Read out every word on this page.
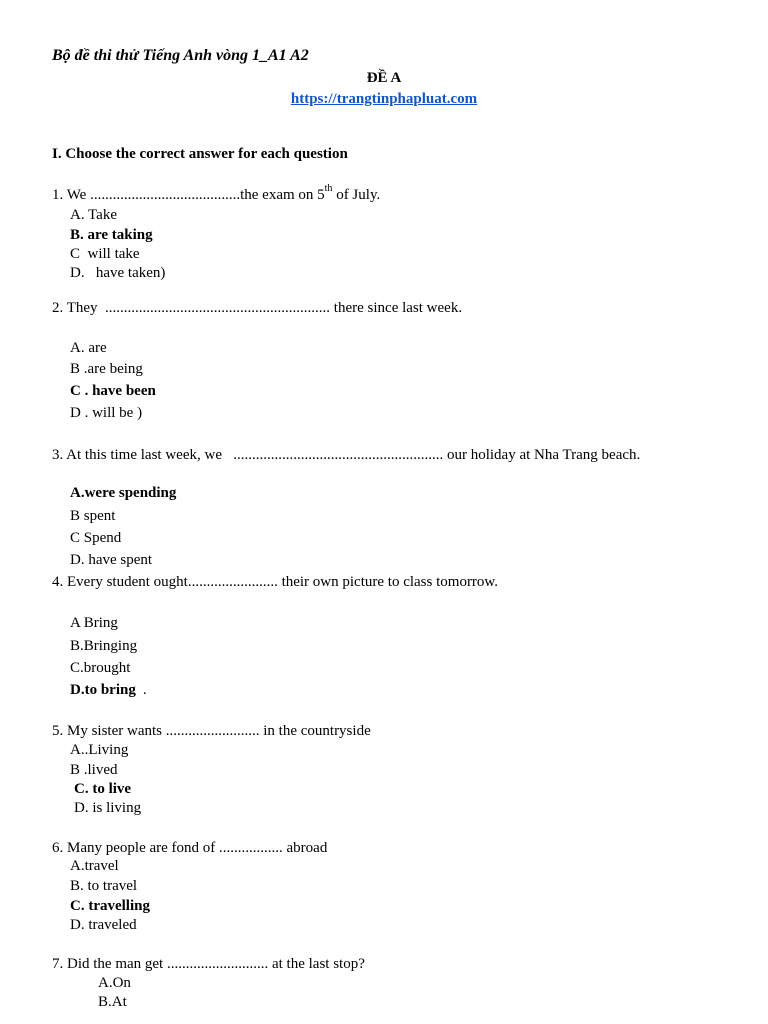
Bộ đề thi thử Tiếng Anh vòng 1_A1 A2
ĐỀ A
https://trangtinphapluat.com
I. Choose the correct answer for each question
1. We ........................................the exam on 5th of July.
A. Take
B. are taking
C  will take
D.   have taken)
2. They  ............................................................ there since last week.
A. are
B .are being
C . have been
D . will be )
3. At this time last week, we   ........................................................ our holiday at Nha Trang beach.
A.were spending
B spent
C Spend
D. have spent
4. Every student ought........................ their own picture to class tomorrow.
A Bring
B.Bringing
C.brought
D.to bring .
5. My sister wants ......................... in the countryside
A..Living
B .lived
C. to live
D. is living
6. Many people are fond of ................. abroad
A.travel
B. to travel
C. travelling
D. traveled
7. Did the man get ........................... at the last stop?
A.On
B.At
